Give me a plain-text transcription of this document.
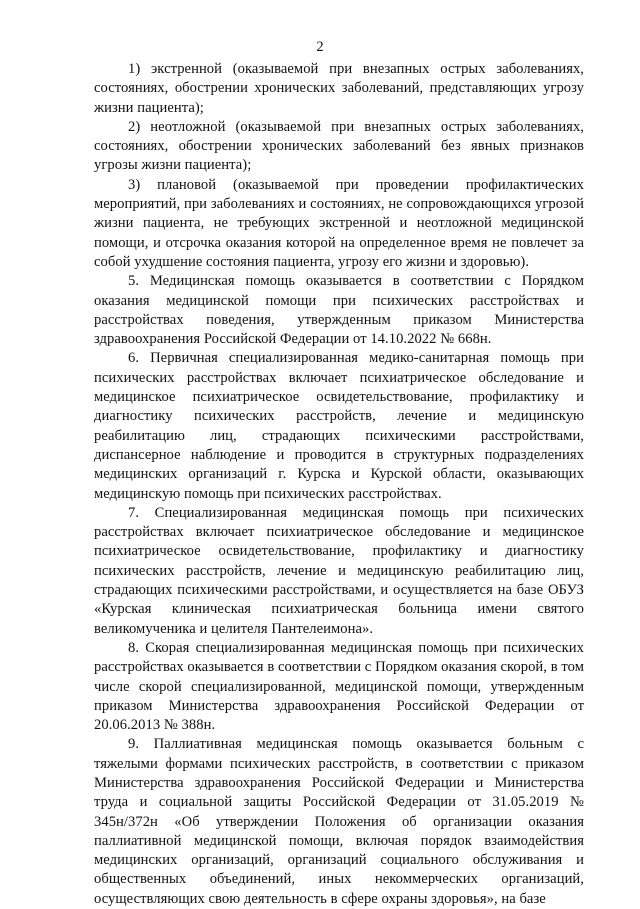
2

1) экстренной (оказываемой при внезапных острых заболеваниях, состояниях, обострении хронических заболеваний, представляющих угрозу жизни пациента);

2) неотложной (оказываемой при внезапных острых заболеваниях, состояниях, обострении хронических заболеваний без явных признаков угрозы жизни пациента);

3) плановой (оказываемой при проведении профилактических мероприятий, при заболеваниях и состояниях, не сопровождающихся угрозой жизни пациента, не требующих экстренной и неотложной медицинской помощи, и отсрочка оказания которой на определенное время не повлечет за собой ухудшение состояния пациента, угрозу его жизни и здоровью).

5. Медицинская помощь оказывается в соответствии с Порядком оказания медицинской помощи при психических расстройствах и расстройствах поведения, утвержденным приказом Министерства здравоохранения Российской Федерации от 14.10.2022 № 668н.

6. Первичная специализированная медико-санитарная помощь при психических расстройствах включает психиатрическое обследование и медицинское психиатрическое освидетельствование, профилактику и диагностику психических расстройств, лечение и медицинскую реабилитацию лиц, страдающих психическими расстройствами, диспансерное наблюдение и проводится в структурных подразделениях медицинских организаций г. Курска и Курской области, оказывающих медицинскую помощь при психических расстройствах.

7. Специализированная медицинская помощь при психических расстройствах включает психиатрическое обследование и медицинское психиатрическое освидетельствование, профилактику и диагностику психических расстройств, лечение и медицинскую реабилитацию лиц, страдающих психическими расстройствами, и осуществляется на базе ОБУЗ «Курская клиническая психиатрическая больница имени святого великомученика и целителя Пантелеимона».

8. Скорая специализированная медицинская помощь при психических расстройствах оказывается в соответствии с Порядком оказания скорой, в том числе скорой специализированной, медицинской помощи, утвержденным приказом Министерства здравоохранения Российской Федерации от 20.06.2013 № 388н.

9. Паллиативная медицинская помощь оказывается больным с тяжелыми формами психических расстройств, в соответствии с приказом Министерства здравоохранения Российской Федерации и Министерства труда и социальной защиты Российской Федерации от 31.05.2019 № 345н/372н «Об утверждении Положения об организации оказания паллиативной медицинской помощи, включая порядок взаимодействия медицинских организаций, организаций социального обслуживания и общественных объединений, иных некоммерческих организаций, осуществляющих свою деятельность в сфере охраны здоровья», на базе
